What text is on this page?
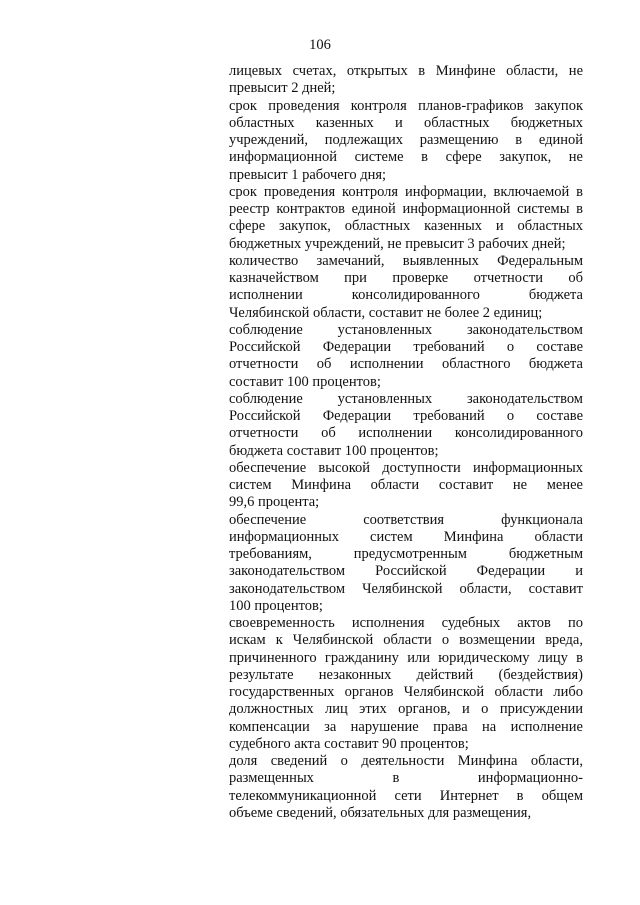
106
лицевых счетах, открытых в Минфине области, не
превысит 2 дней;
срок проведения контроля планов-графиков закупок
областных казенных и областных бюджетных
учреждений, подлежащих размещению в единой
информационной системе в сфере закупок, не
превысит 1 рабочего дня;
срок проведения контроля информации, включаемой в
реестр контрактов единой информационной системы в
сфере закупок, областных казенных и областных
бюджетных учреждений, не превысит 3 рабочих дней;
количество замечаний, выявленных Федеральным
казначейством при проверке отчетности об
исполнении консолидированного бюджета
Челябинской области, составит не более 2 единиц;
соблюдение установленных законодательством
Российской Федерации требований о составе
отчетности об исполнении областного бюджета
составит 100 процентов;
соблюдение установленных законодательством
Российской Федерации требований о составе
отчетности об исполнении консолидированного
бюджета составит 100 процентов;
обеспечение высокой доступности информационных
систем Минфина области составит не менее
99,6 процента;
обеспечение соответствия функционала
информационных систем Минфина области
требованиям, предусмотренным бюджетным
законодательством Российской Федерации и
законодательством Челябинской области, составит
100 процентов;
своевременность исполнения судебных актов по
искам к Челябинской области о возмещении вреда,
причиненного гражданину или юридическому лицу в
результате незаконных действий (бездействия)
государственных органов Челябинской области либо
должностных лиц этих органов, и о присуждении
компенсации за нарушение права на исполнение
судебного акта составит 90 процентов;
доля сведений о деятельности Минфина области,
размещенных в информационно-
телекоммуникационной сети Интернет в общем
объеме сведений, обязательных для размещения,
